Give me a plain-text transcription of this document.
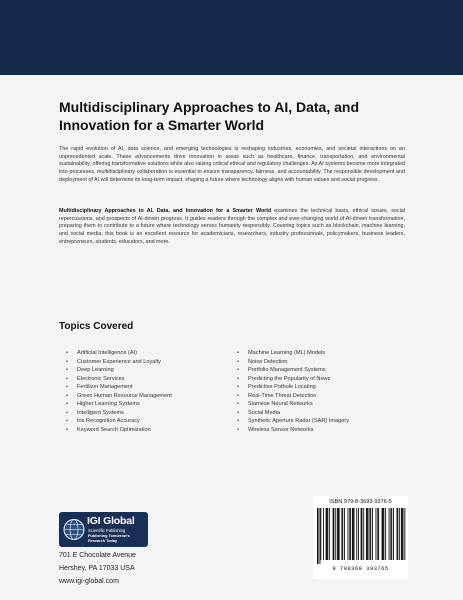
Multidisciplinary Approaches to AI, Data, and Innovation for a Smarter World

The rapid evolution of AI, data science, and emerging technologies is reshaping industries, economies, and societal interactions on an unprecedented scale. These advancements drive innovation in areas such as healthcare, finance, transportation, and environmental sustainability, offering transformative solutions while also raising critical ethical and regulatory challenges. As AI systems become more integrated into processes, multidisciplinary collaboration is essential to ensure transparency, fairness, and accountability. The responsible development and deployment of AI will determine its long-term impact, shaping a future where technology aligns with human values and social progress.

Multidisciplinary Approaches to AI, Data, and Innovation for a Smarter World examines the technical basis, ethical issues, social repercussions, and prospects of AI-driven progress. It guides readers through the complex and ever-changing world of AI-driven transformation, preparing them to contribute to a future where technology serves humanity responsibly. Covering topics such as blockchain, machine learning, and social media, this book is an excellent resource for academicians, researchers, industry professionals, policymakers, business leaders, entrepreneurs, students, educators, and more.

Topics Covered
• Artificial Intelligence (AI)
• Customer Experience and Loyalty
• Deep Learning
• Electronic Services
• Fertilizer Management
• Green Human Resource Management
• Higher Learning Systems
• Intelligent Systems
• Iris Recognition Accuracy
• Keyword Search Optimization
• Machine Learning (ML) Models
• Noise Detection
• Portfolio Management Systems
• Predicting the Popularity of News
• Predictive Pothole Locating
• Real-Time Threat Detection
• Siamese Neural Networks
• Social Media
• Synthetic Aperture Radar (SAR) Imagery
• Wireless Sensor Networks
IGI Global
Scientific Publishing
Publishing Tomorrow's Research Today
701 E Chocolate Avenue
Hershey, PA 17033 USA
www.igi-global.com
ISBN 979-8-3693-9376-5
9 798369 393765
